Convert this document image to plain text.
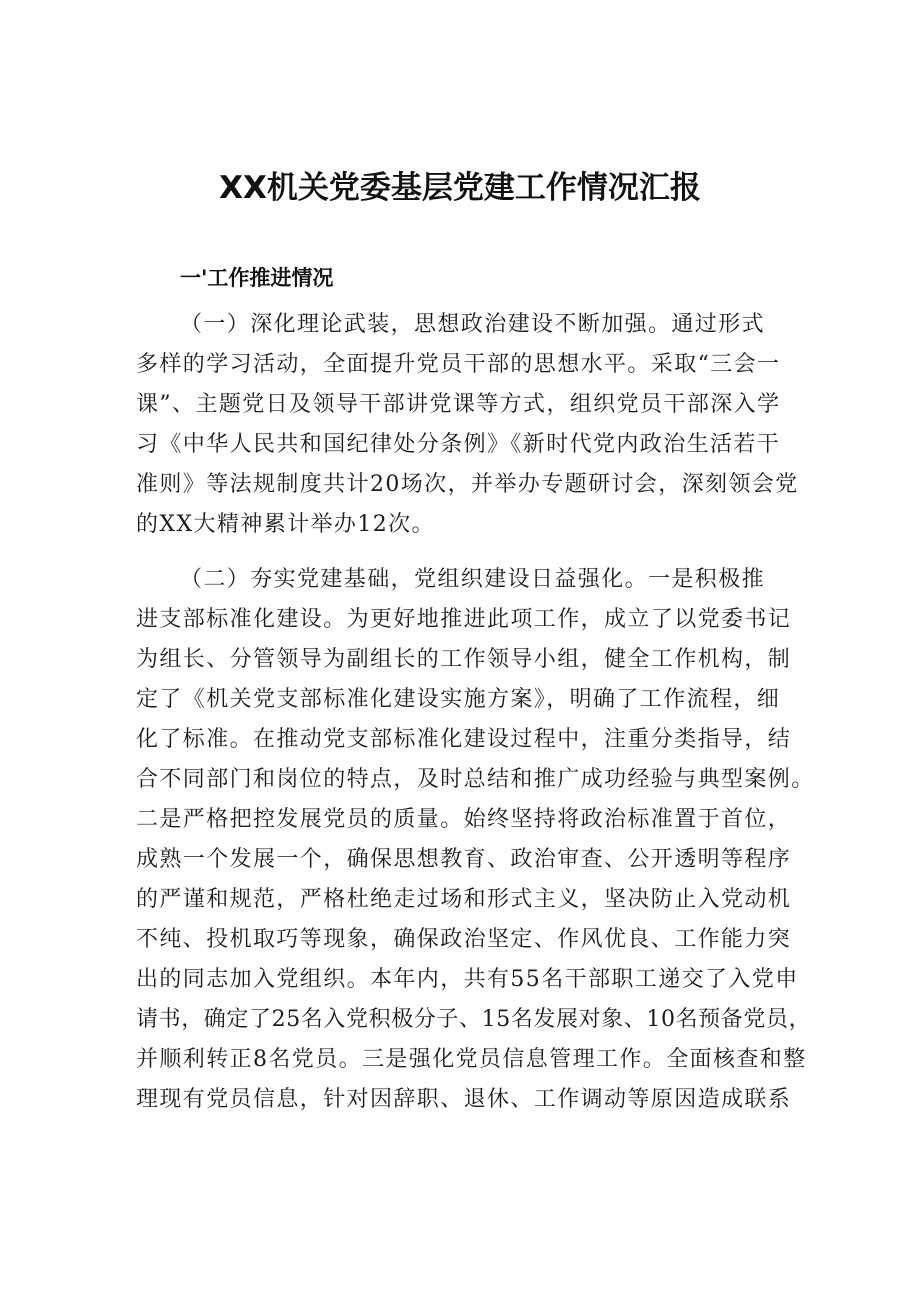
XX机关党委基层党建工作情况汇报
一'工作推进情况
（一）深化理论武装，思想政治建设不断加强。通过形式
多样的学习活动，全面提升党员干部的思想水平。采取“三会一
课”、主题党日及领导干部讲党课等方式，组织党员干部深入学
习《中华人民共和国纪律处分条例》《新时代党内政治生活若干
准则》等法规制度共计20场次，并举办专题研讨会，深刻领会党
的XX大精神累计举办12次。
（二）夯实党建基础，党组织建设日益强化。一是积极推
进支部标准化建设。为更好地推进此项工作，成立了以党委书记
为组长、分管领导为副组长的工作领导小组，健全工作机构，制
定了《机关党支部标准化建设实施方案》，明确了工作流程，细
化了标准。在推动党支部标准化建设过程中，注重分类指导，结
合不同部门和岗位的特点，及时总结和推广成功经验与典型案例。
二是严格把控发展党员的质量。始终坚持将政治标准置于首位，
成熟一个发展一个，确保思想教育、政治审查、公开透明等程序
的严谨和规范，严格杜绝走过场和形式主义，坚决防止入党动机
不纯、投机取巧等现象，确保政治坚定、作风优良、工作能力突
出的同志加入党组织。本年内，共有55名干部职工递交了入党申
请书，确定了25名入党积极分子、15名发展对象、10名预备党员，
并顺利转正8名党员。三是强化党员信息管理工作。全面核查和整
理现有党员信息，针对因辞职、退休、工作调动等原因造成联系
